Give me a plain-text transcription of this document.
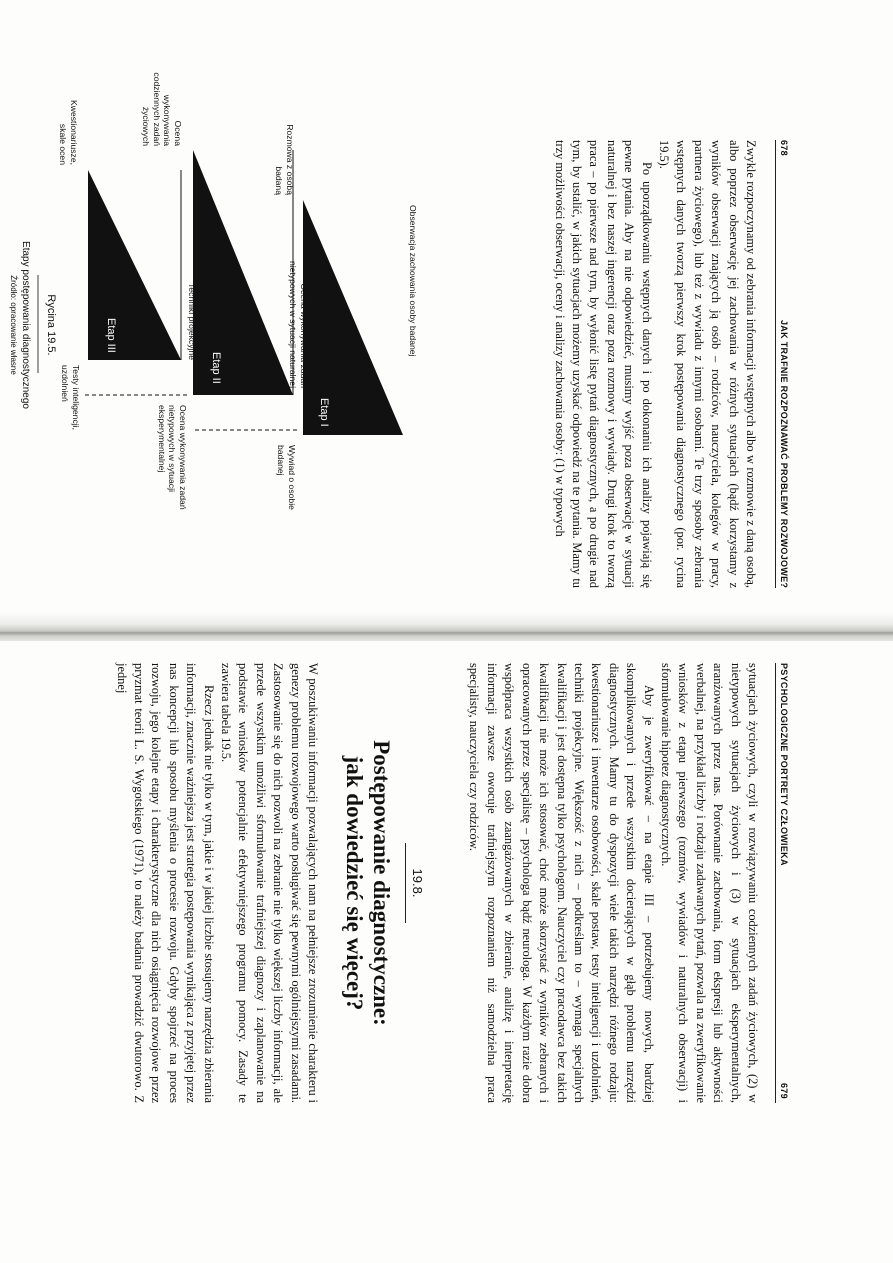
678
JAK TRAFNIE ROZPOZNAWAĆ PROBLEMY ROZWOJOWE?

Zwykle rozpoczynamy od zebrania informacji wstępnych albo w rozmowie z daną osobą, albo poprzez obserwację jej zachowania w różnych sytuacjach (bądź korzystamy z wyników obserwacji znających ją osób – rodziców, nauczyciela, kolegów w pracy, partnera życiowego), lub też z wywiadu z innymi osobami. Te trzy sposoby zebrania wstępnych danych tworzą pierwszy krok postępowania diagnostycznego (por. rycina 19.5).

Po uporządkowaniu wstępnych danych i po dokonaniu ich analizy pojawiają się pewne pytania. Aby na nie odpowiedzieć, musimy wyjść poza obserwację w sytuacji naturalnej i bez naszej ingerencji oraz poza rozmowy i wywiady. Drugi krok to tworzą praca – po pierwsze nad tym, by wyłonić listę pytań diagnostycznych, a po drugie nad tym, by ustalić, w jakich sytuacjach możemy uzyskać odpowiedź na te pytania. Mamy tu trzy możliwości obserwacji, oceny i analizy zachowania osoby: (1) w typowych

Etap I
Etap II
Etap III	Obserwacja zachowania osoby badanej
Rozmowa z osobą badaną
Wywiad o osobie badanej
Ocena wykonywania zadań nietypowych w sytuacji naturalnej
Ocena wykonywania codziennych zadań życiowych
Ocena wykonywania zadań nietypowych w sytuacji eksperymentalnej
Techniki projekcyjne
Kwestionariusze, skale ocen
Testy inteligencji, uzdolnień
Rycina 19.5.
Etapy postępowania diagnostycznego
Źródło: opracowanie własne
PSYCHOLOGICZNE PORTRETY CZŁOWIEKA
679

sytuacjach życiowych, czyli w rozwiązywaniu codziennych zadań życiowych, (2) w nietypowych sytuacjach życiowych i (3) w sytuacjach eksperymentalnych, aranżowanych przez nas. Porównanie zachowania, form ekspresji lub aktywności werbalnej, na przykład liczby i rodzaju zadawanych pytań, pozwala na zweryfikowanie wniosków z etapu pierwszego (rozmów, wywiadów i naturalnych obserwacji) i sformułowanie hipotez diagnostycznych.

Aby je zweryfikować – na etapie III – potrzebujemy nowych, bardziej skomplikowanych i przede wszystkim docierających w głąb problemu narzędzi diagnostycznych. Mamy tu do dyspozycji wiele takich narzędzi różnego rodzaju: kwestionariusze i inwentarze osobowości, skale postaw, testy inteligencji i uzdolnień, techniki projekcyjne. Większość z nich – podkreślam to – wymaga specjalnych kwalifikacji i jest dostępna tylko psychologom. Nauczyciel czy pracodawca bez takich kwalifikacji nie może ich stosować, choć może skorzystać z wyników zebranych i opracowanych przez specjalistę – psychologa bądź neurologa. W każdym razie dobra współpraca wszystkich osób zaangażowanych w zbieranie, analizę i interpretację informacji zawsze owocuje trafniejszym rozpoznaniem niż samodzielna praca specjalisty, nauczyciela czy rodziców.

19.8.
Postępowanie diagnostyczne:
jak dowiedzieć się więcej?

W poszukiwaniu informacji pozwalających nam na pełniejsze zrozumienie charakteru i genezy problemu rozwojowego warto posługiwać się pewnymi ogólniejszymi zasadami. Zastosowanie się do nich pozwoli na zebranie nie tylko większej liczby informacji, ale przede wszystkim umożliwi sformułowanie trafniejszej diagnozy i zaplanowanie na podstawie wniosków potencjalnie efektywniejszego programu pomocy. Zasady te zawiera tabela 19.5.

Rzecz jednak nie tylko w tym, jakie i w jakiej liczbie stosujemy narzędzia zbierania informacji, znacznie ważniejsza jest strategia postępowania wynikająca z przyjętej przez nas koncepcji lub sposobu myślenia o procesie rozwoju. Gdyby spojrzeć na proces rozwoju, jego kolejne etapy i charakterystyczne dla nich osiągnięcia rozwojowe przez pryzmat teorii L. S. Wygotskiego (1971), to należy badania prowadzić dwutorowo. Z jednej
